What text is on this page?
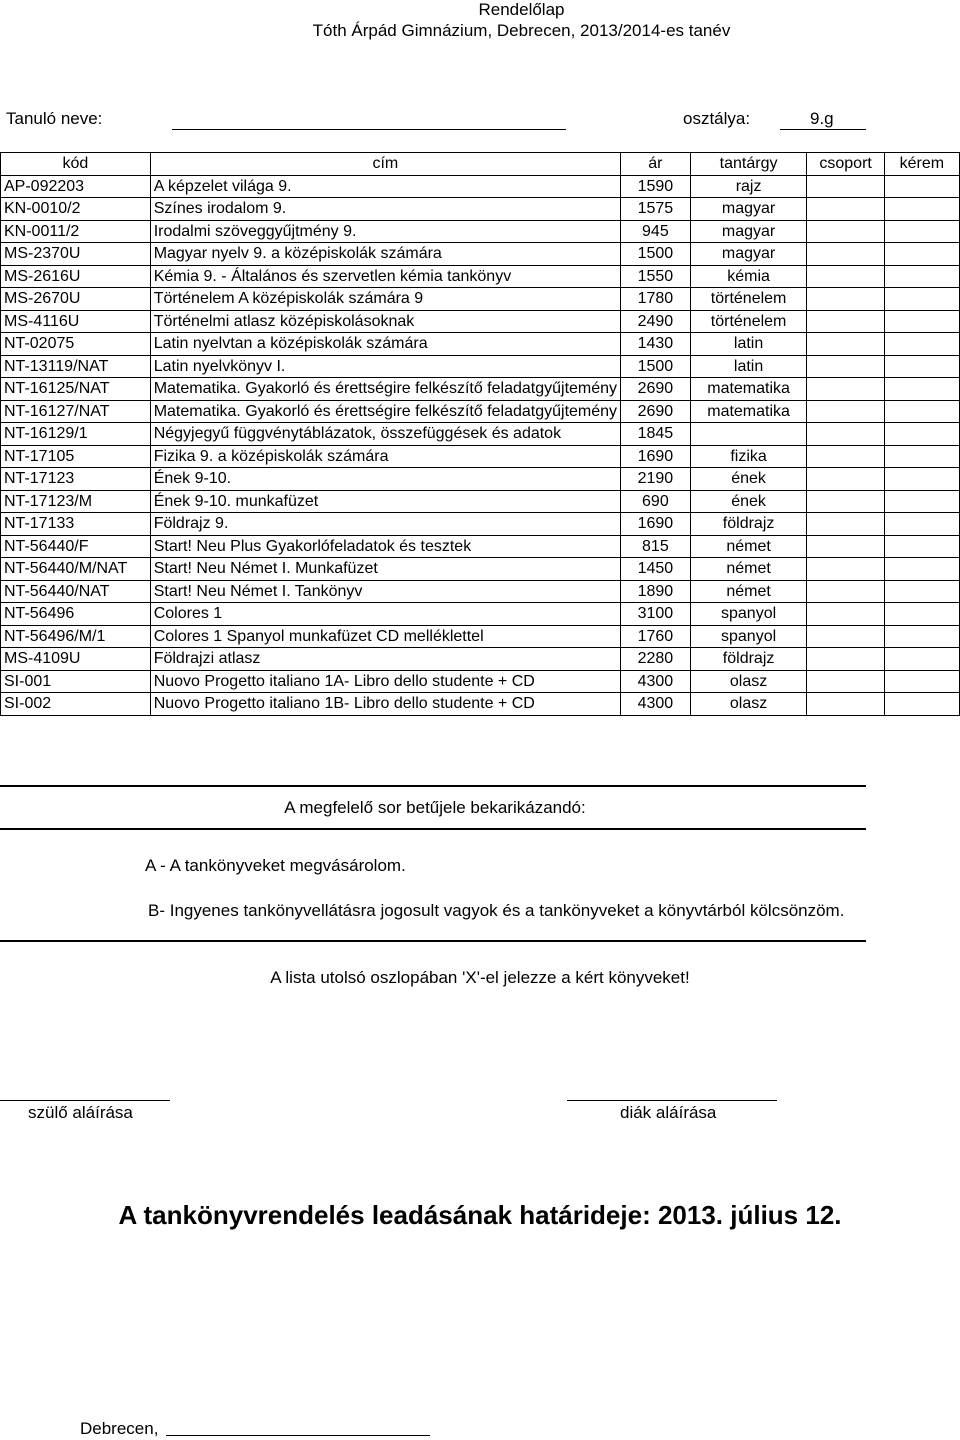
Rendelőlap
Tóth Árpád Gimnázium, Debrecen, 2013/2014-es tanév
Tanuló neve:	osztálya:	9.g
kód	cím	ár	tantárgy	csoport	kérem
AP-092203	A képzelet világa 9.	1590	rajz		
KN-0010/2	Színes irodalom 9.	1575	magyar		
KN-0011/2	Irodalmi szöveggyűjtmény 9.	945	magyar		
MS-2370U	Magyar nyelv 9. a középiskolák számára	1500	magyar		
MS-2616U	Kémia 9. - Általános és szervetlen kémia tankönyv	1550	kémia		
MS-2670U	Történelem A középiskolák számára 9	1780	történelem		
MS-4116U	Történelmi atlasz középiskolásoknak	2490	történelem		
NT-02075	Latin nyelvtan a középiskolák számára	1430	latin		
NT-13119/NAT	Latin nyelvkönyv I.	1500	latin		
NT-16125/NAT	Matematika. Gyakorló és érettségire felkészítő feladatgyűjtemény	2690	matematika		
NT-16127/NAT	Matematika. Gyakorló és érettségire felkészítő feladatgyűjtemény	2690	matematika		
NT-16129/1	Négyjegyű függvénytáblázatok, összefüggések és adatok	1845			
NT-17105	Fizika 9. a középiskolák számára	1690	fizika		
NT-17123	Ének 9-10.	2190	ének		
NT-17123/M	Ének 9-10. munkafüzet	690	ének		
NT-17133	Földrajz 9.	1690	földrajz		
NT-56440/F	Start! Neu Plus Gyakorlófeladatok és tesztek	815	német		
NT-56440/M/NAT	Start! Neu Német I. Munkafüzet	1450	német		
NT-56440/NAT	Start! Neu Német I. Tankönyv	1890	német		
NT-56496	Colores 1	3100	spanyol		
NT-56496/M/1	Colores 1 Spanyol munkafüzet CD melléklettel	1760	spanyol		
MS-4109U	Földrajzi atlasz	2280	földrajz		
SI-001	Nuovo Progetto italiano 1A- Libro dello studente + CD	4300	olasz		
SI-002	Nuovo Progetto italiano 1B- Libro dello studente + CD	4300	olasz		
A megfelelő sor betűjele bekarikázandó:
A - A tankönyveket megvásárolom.
B- Ingyenes tankönyvellátásra jogosult vagyok és a tankönyveket a könyvtárból kölcsönzöm.
A lista utolsó oszlopában 'X'-el jelezze a kért könyveket!
szülő aláírása	diák aláírása
A tankönyvrendelés leadásának határideje: 2013. július 12.
Debrecen,
